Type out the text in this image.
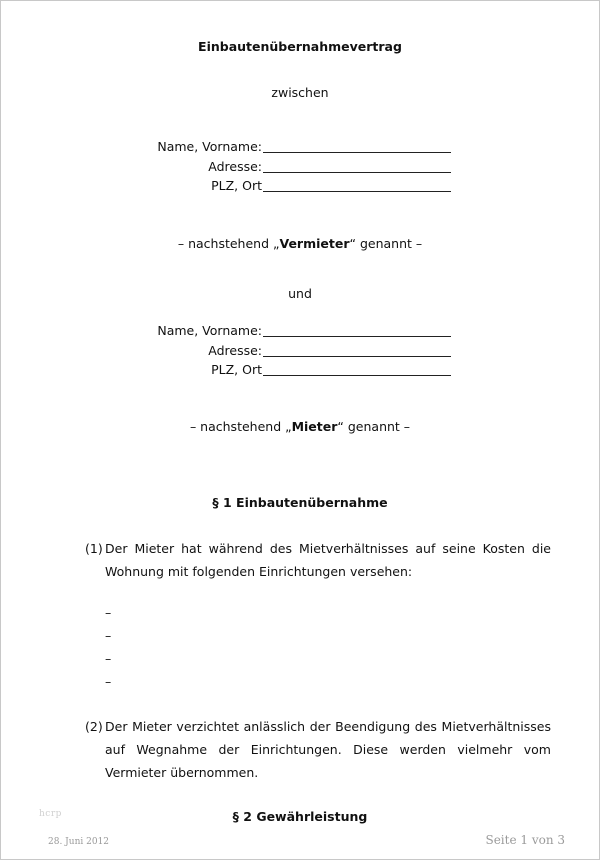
Einbautenübernahmevertrag
zwischen
Name, Vorname:
Adresse:
PLZ, Ort
– nachstehend „Vermieter“ genannt –
und
Name, Vorname:
Adresse:
PLZ, Ort
– nachstehend „Mieter“ genannt –
§ 1 Einbautenübernahme
(1) Der Mieter hat während des Mietverhältnisses auf seine Kosten die Wohnung mit folgenden Einrichtungen versehen:
–
–
–
–
(2) Der Mieter verzichtet anlässlich der Beendigung des Mietverhältnisses auf Wegnahme der Einrichtungen. Diese werden vielmehr vom Vermieter übernommen.
§ 2 Gewährleistung
hcrp
28. Juni 2012	Seite 1 von 3
